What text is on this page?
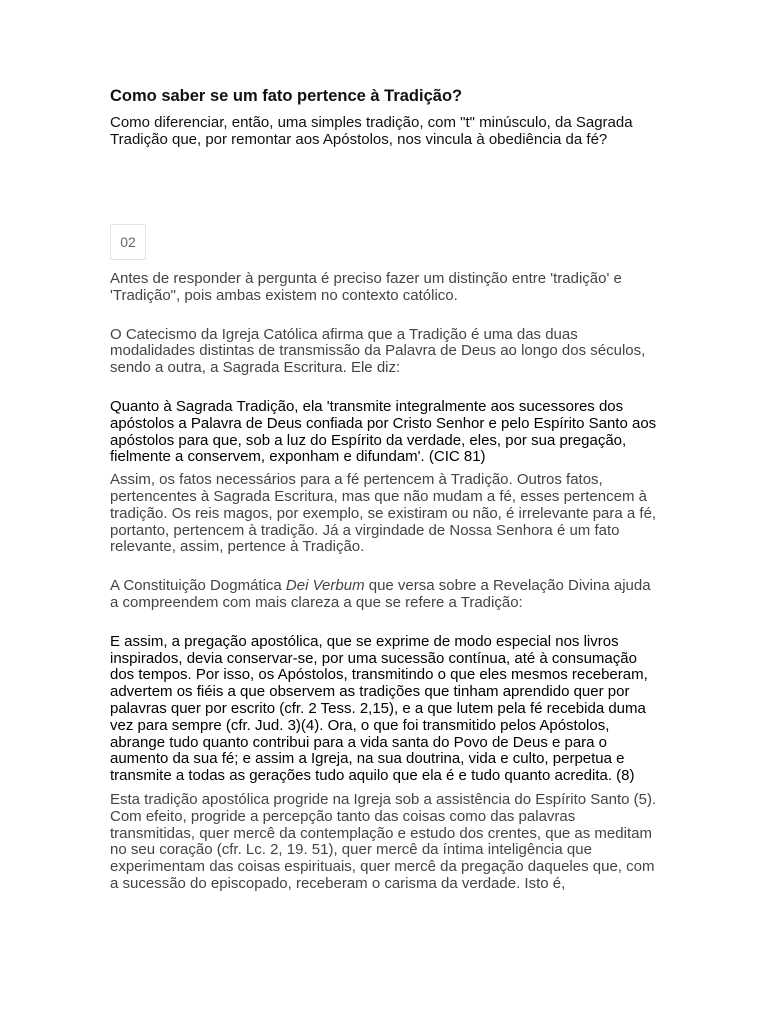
Como saber se um fato pertence à Tradição?

Como diferenciar, então, uma simples tradição, com "t" minúsculo, da Sagrada Tradição que, por remontar aos Apóstolos, nos vincula à obediência da fé?

02

Antes de responder à pergunta é preciso fazer um distinção entre 'tradição' e 'Tradição", pois ambas existem no contexto católico.

O Catecismo da Igreja Católica afirma que a Tradição é uma das duas modalidades distintas de transmissão da Palavra de Deus ao longo dos séculos, sendo a outra, a Sagrada Escritura. Ele diz:

Quanto à Sagrada Tradição, ela 'transmite integralmente aos sucessores dos apóstolos a Palavra de Deus confiada por Cristo Senhor e pelo Espírito Santo aos apóstolos para que, sob a luz do Espírito da verdade, eles, por sua pregação, fielmente a conservem, exponham e difundam'. (CIC 81)

Assim, os fatos necessários para a fé pertencem à Tradição. Outros fatos, pertencentes à Sagrada Escritura, mas que não mudam a fé, esses pertencem à tradição. Os reis magos, por exemplo, se existiram ou não, é irrelevante para a fé, portanto, pertencem à tradição. Já a virgindade de Nossa Senhora é um fato relevante, assim, pertence à Tradição.

A Constituição Dogmática Dei Verbum que versa sobre a Revelação Divina ajuda a compreendem com mais clareza a que se refere a Tradição:

E assim, a pregação apostólica, que se exprime de modo especial nos livros inspirados, devia conservar-se, por uma sucessão contínua, até à consumação dos tempos. Por isso, os Apóstolos, transmitindo o que eles mesmos receberam, advertem os fiéis a que observem as tradições que tinham aprendido quer por palavras quer por escrito (cfr. 2 Tess. 2,15), e a que lutem pela fé recebida duma vez para sempre (cfr. Jud. 3)(4). Ora, o que foi transmitido pelos Apóstolos, abrange tudo quanto contribui para a vida santa do Povo de Deus e para o aumento da sua fé; e assim a Igreja, na sua doutrina, vida e culto, perpetua e transmite a todas as gerações tudo aquilo que ela é e tudo quanto acredita. (8)

Esta tradição apostólica progride na Igreja sob a assistência do Espírito Santo (5). Com efeito, progride a percepção tanto das coisas como das palavras transmitidas, quer mercê da contemplação e estudo dos crentes, que as meditam no seu coração (cfr. Lc. 2, 19. 51), quer mercê da íntima inteligência que experimentam das coisas espirituais, quer mercê da pregação daqueles que, com a sucessão do episcopado, receberam o carisma da verdade. Isto é,
